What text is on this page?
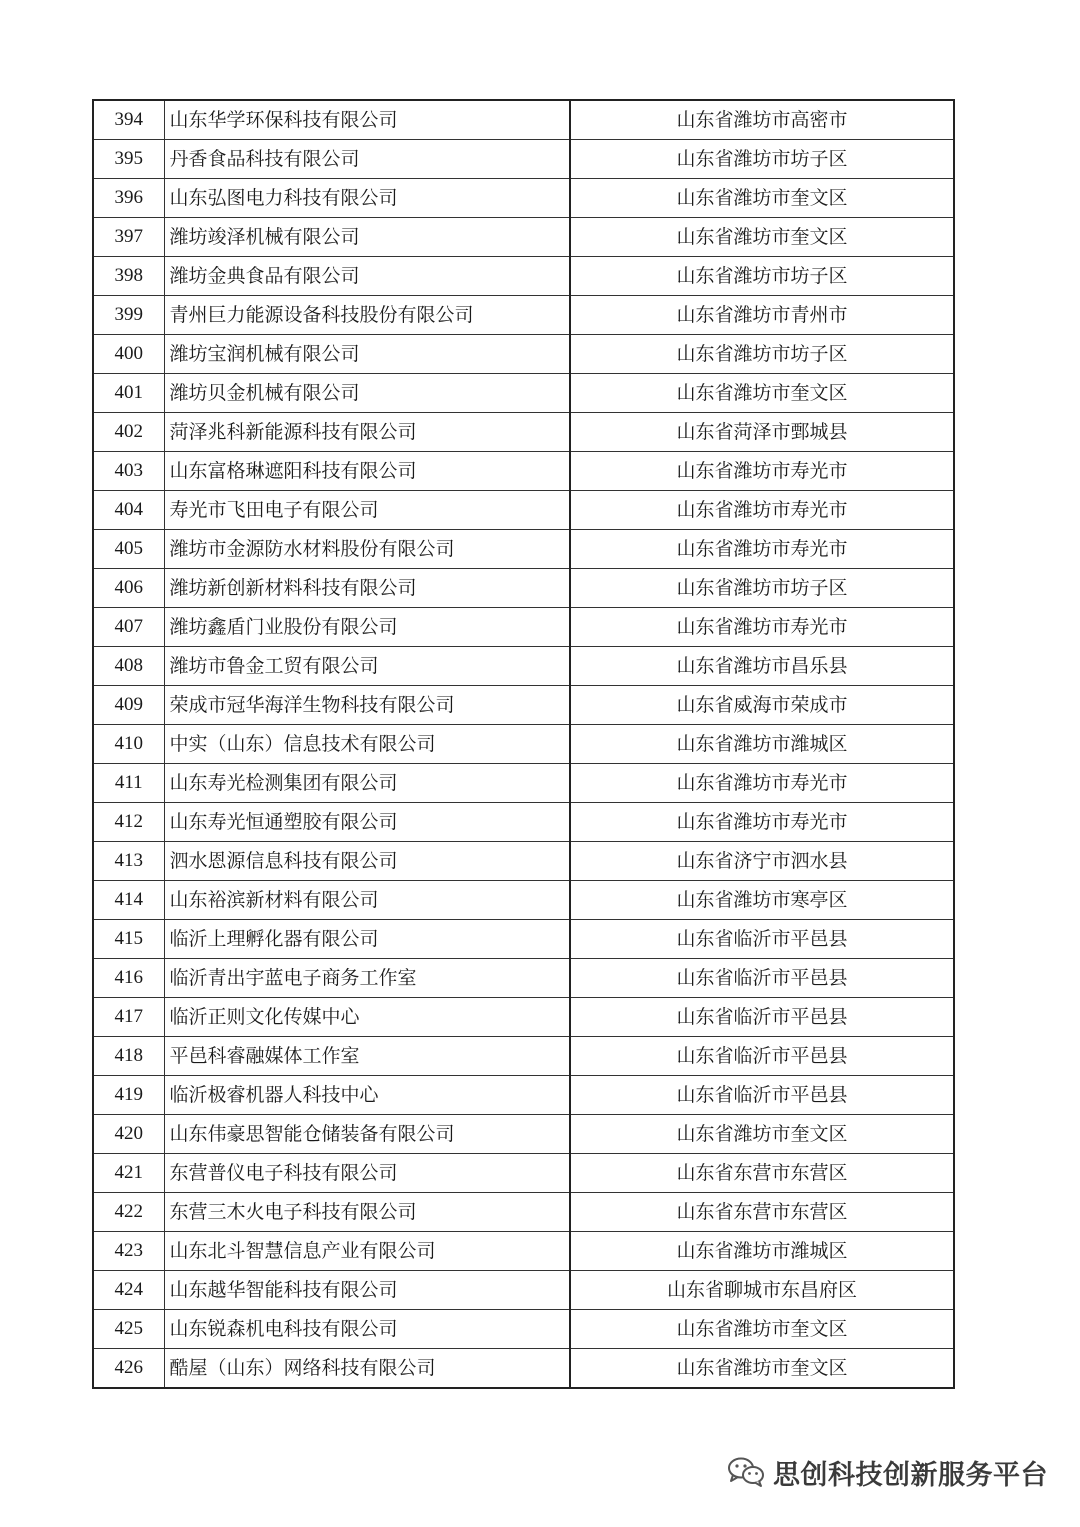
394	山东华学环保科技有限公司	山东省潍坊市高密市
395	丹香食品科技有限公司	山东省潍坊市坊子区
396	山东弘图电力科技有限公司	山东省潍坊市奎文区
397	潍坊竣泽机械有限公司	山东省潍坊市奎文区
398	潍坊金典食品有限公司	山东省潍坊市坊子区
399	青州巨力能源设备科技股份有限公司	山东省潍坊市青州市
400	潍坊宝润机械有限公司	山东省潍坊市坊子区
401	潍坊贝金机械有限公司	山东省潍坊市奎文区
402	菏泽兆科新能源科技有限公司	山东省菏泽市鄄城县
403	山东富格琳遮阳科技有限公司	山东省潍坊市寿光市
404	寿光市飞田电子有限公司	山东省潍坊市寿光市
405	潍坊市金源防水材料股份有限公司	山东省潍坊市寿光市
406	潍坊新创新材料科技有限公司	山东省潍坊市坊子区
407	潍坊鑫盾门业股份有限公司	山东省潍坊市寿光市
408	潍坊市鲁金工贸有限公司	山东省潍坊市昌乐县
409	荣成市冠华海洋生物科技有限公司	山东省威海市荣成市
410	中实（山东）信息技术有限公司	山东省潍坊市潍城区
411	山东寿光检测集团有限公司	山东省潍坊市寿光市
412	山东寿光恒通塑胶有限公司	山东省潍坊市寿光市
413	泗水恩源信息科技有限公司	山东省济宁市泗水县
414	山东裕滨新材料有限公司	山东省潍坊市寒亭区
415	临沂上理孵化器有限公司	山东省临沂市平邑县
416	临沂青出宇蓝电子商务工作室	山东省临沂市平邑县
417	临沂正则文化传媒中心	山东省临沂市平邑县
418	平邑科睿融媒体工作室	山东省临沂市平邑县
419	临沂极睿机器人科技中心	山东省临沂市平邑县
420	山东伟豪思智能仓储装备有限公司	山东省潍坊市奎文区
421	东营普仪电子科技有限公司	山东省东营市东营区
422	东营三木火电子科技有限公司	山东省东营市东营区
423	山东北斗智慧信息产业有限公司	山东省潍坊市潍城区
424	山东越华智能科技有限公司	山东省聊城市东昌府区
425	山东锐森机电科技有限公司	山东省潍坊市奎文区
426	酷屋（山东）网络科技有限公司	山东省潍坊市奎文区
思创科技创新服务平台
